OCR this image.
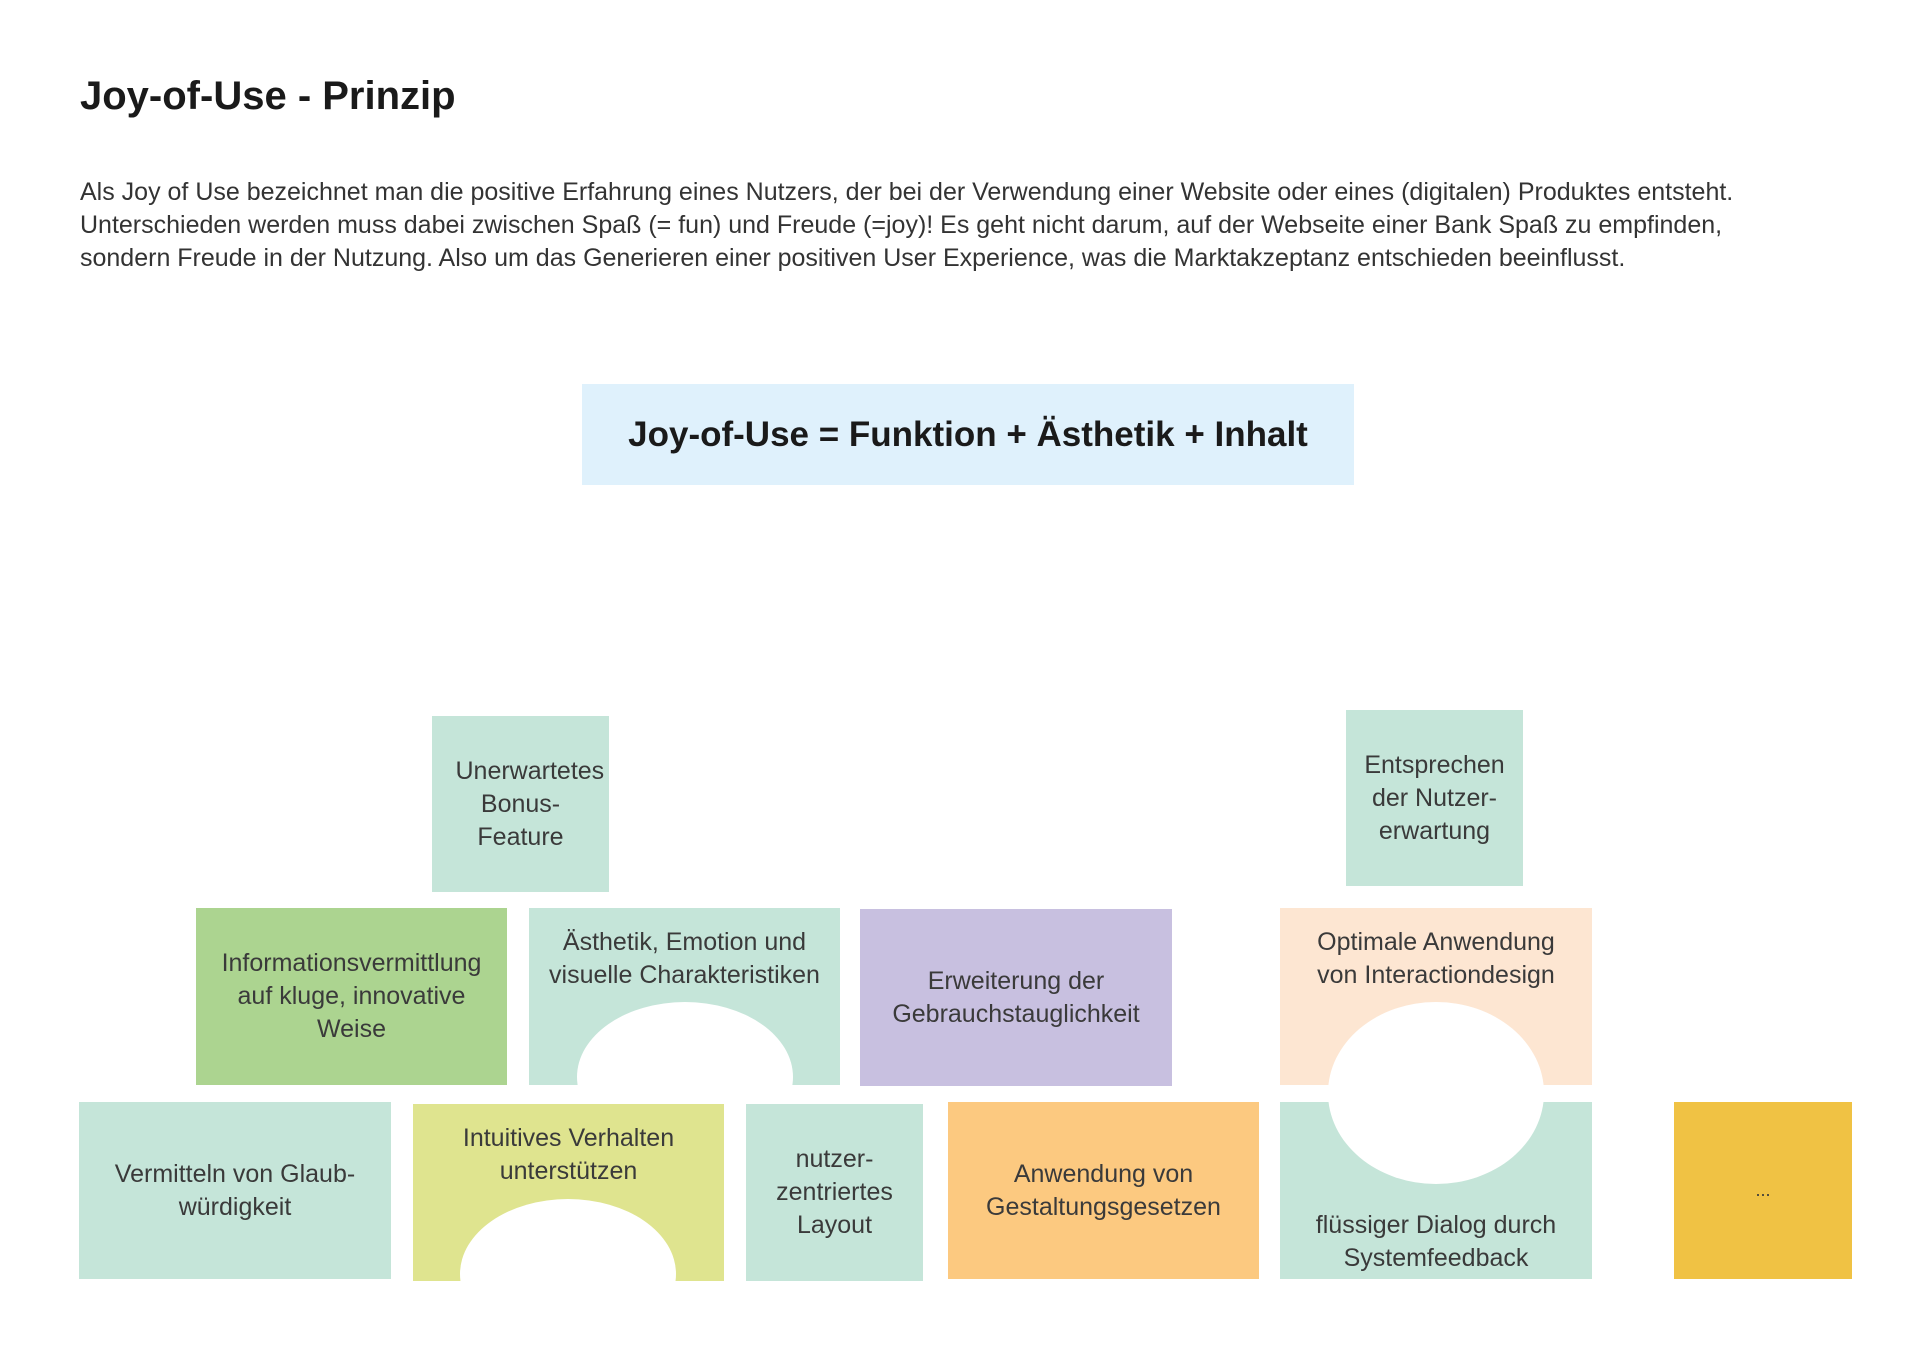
Joy-of-Use - Prinzip

Als Joy of Use bezeichnet man die positive Erfahrung eines Nutzers, der bei der Verwendung einer Website oder eines (digitalen) Produktes entsteht.
Unterschieden werden muss dabei zwischen Spaß (= fun) und Freude (=joy)! Es geht nicht darum, auf der Webseite einer Bank Spaß zu empfinden,
sondern Freude in der Nutzung. Also um das Generieren einer positiven User Experience, was die Marktakzeptanz entschieden beeinflusst.

Joy-of-Use = Funktion + Ästhetik + Inhalt
Unerwartetes Bonus-Feature
Entsprechen der Nutzer-erwartung
Informationsvermittlung auf kluge, innovative Weise
Ästhetik, Emotion und visuelle Charakteristiken	Erweiterung der Gebrauchstauglichkeit
Optimale Anwendung von Interactiondesign
Vermitteln von Glaub-würdigkeit
Intuitives Verhalten unterstützen	nutzer-zentriertes Layout
Anwendung von Gestaltungsgesetzen
flüssiger Dialog durch Systemfeedback
...
